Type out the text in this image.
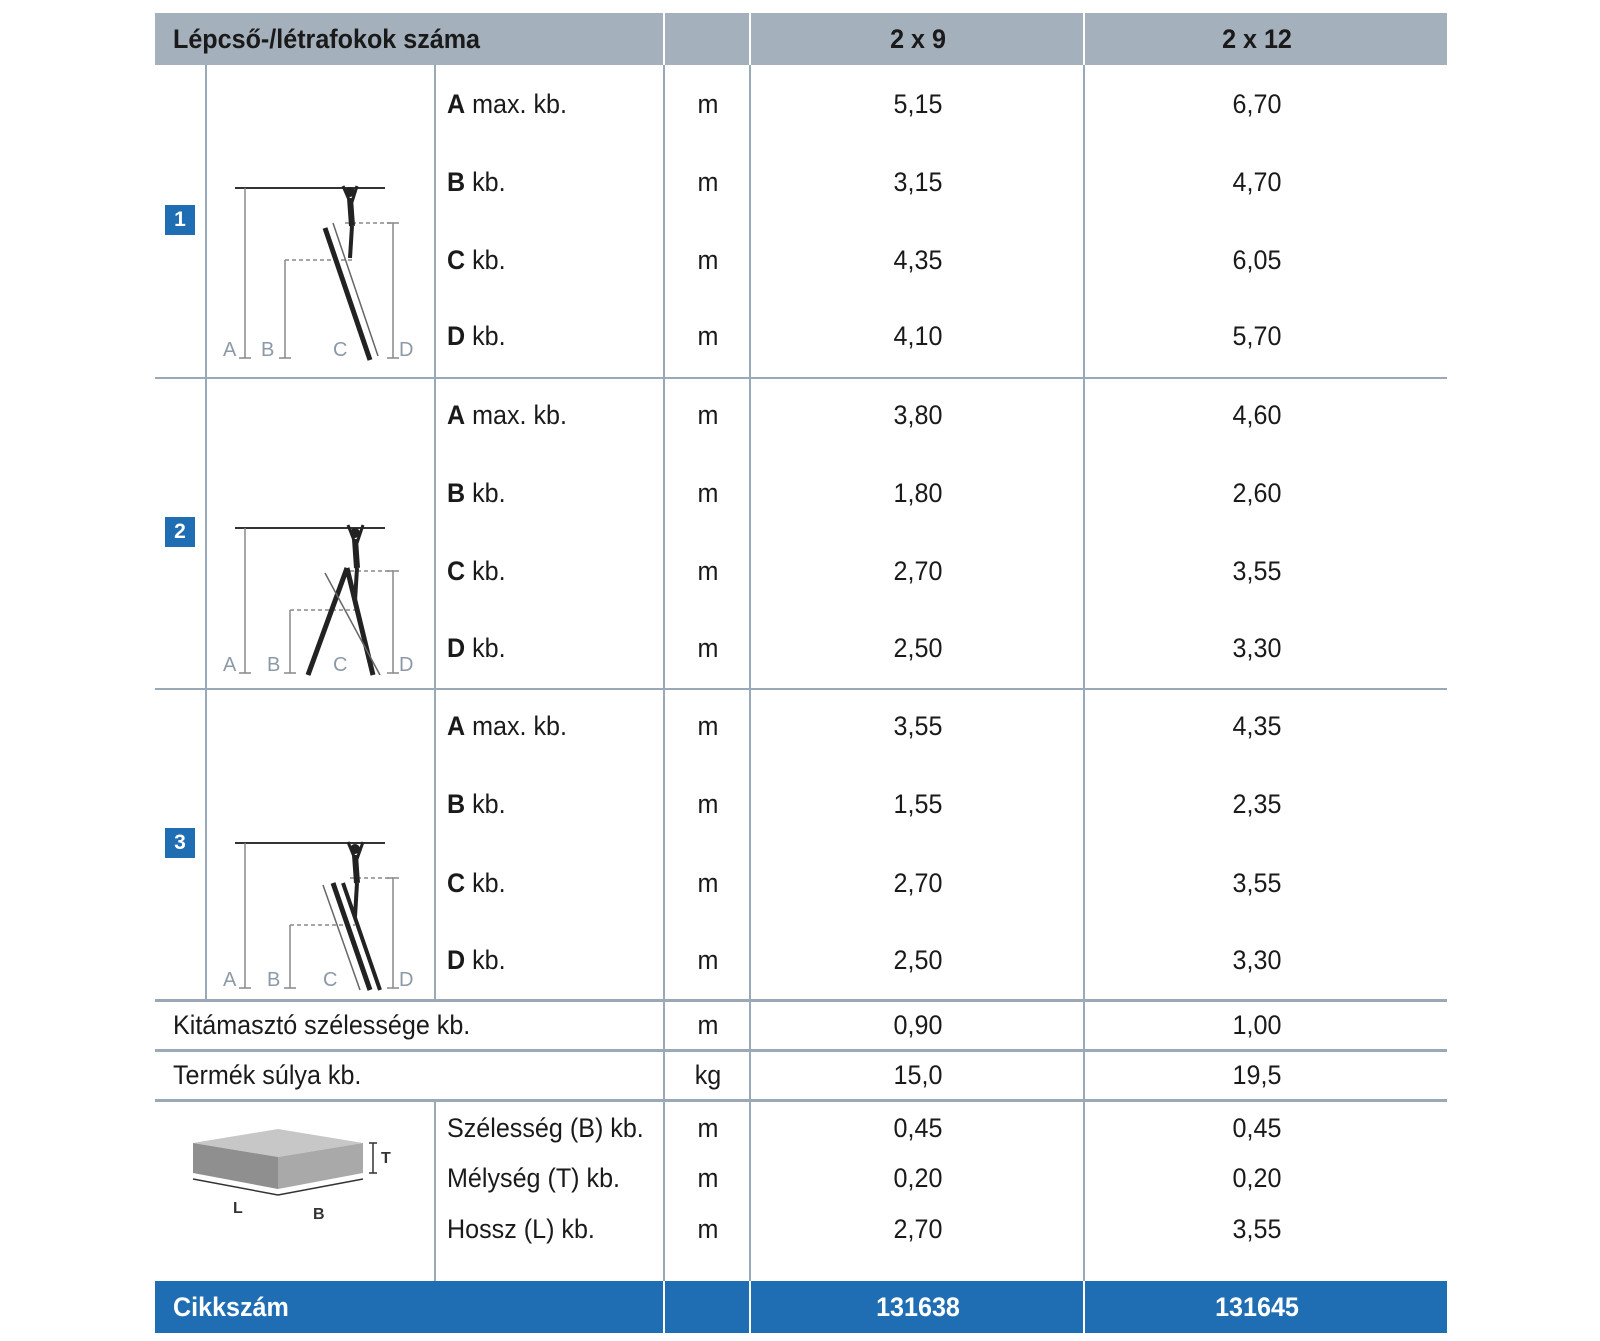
Lépcső-/létrafokok száma	2 x 9	2 x 12
1
A B	C	D
A max. kb.	m	5,15	6,70
B kb.	m	3,15	4,70
C kb.	m	4,35	6,05
D kb.	m	4,10	5,70
2
A B	C	D
A max. kb.	m	3,80	4,60
B kb.	m	1,80	2,60
C kb.	m	2,70	3,55
D kb.	m	2,50	3,30
3
A B C	D
A max. kb.	m	3,55	4,35
B kb.	m	1,55	2,35
C kb.	m	2,70	3,55
D kb.	m	2,50	3,30
Kitámasztó szélessége kb.	m	0,90	1,00
Termék súlya kb.	kg	15,0	19,5
T
L	B
Szélesség (B) kb.	m	0,45	0,45
Mélység (T) kb.	m	0,20	0,20
Hossz (L) kb.	m	2,70	3,55
Cikkszám	131638	131645
